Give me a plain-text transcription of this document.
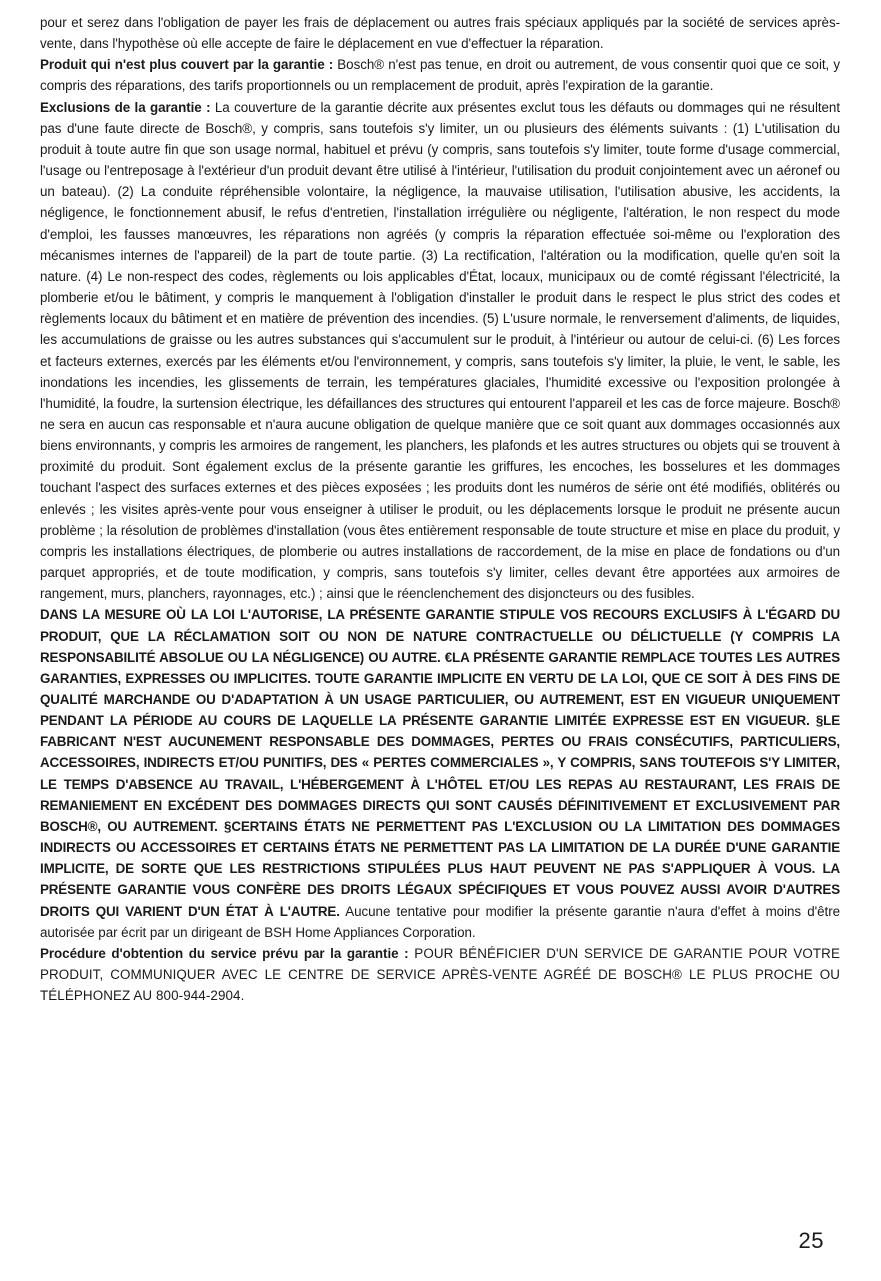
pour et serez dans l'obligation de payer les frais de déplacement ou autres frais spéciaux appliqués par la société de services après-vente, dans l'hypothèse où elle accepte de faire le déplacement en vue d'effectuer la réparation.

Produit qui n'est plus couvert par la garantie : Bosch® n'est pas tenue, en droit ou autrement, de vous consentir quoi que ce soit, y compris des réparations, des tarifs proportionnels ou un remplacement de produit, après l'expiration de la garantie.

Exclusions de la garantie : La couverture de la garantie décrite aux présentes exclut tous les défauts ou dommages qui ne résultent pas d'une faute directe de Bosch®, y compris, sans toutefois s'y limiter, un ou plusieurs des éléments suivants : (1) L'utilisation du produit à toute autre fin que son usage normal, habituel et prévu (y compris, sans toutefois s'y limiter, toute forme d'usage commercial, l'usage ou l'entreposage à l'extérieur d'un produit devant être utilisé à l'intérieur, l'utilisation du produit conjointement avec un aéronef ou un bateau). (2) La conduite répréhensible volontaire, la négligence, la mauvaise utilisation, l'utilisation abusive, les accidents, la négligence, le fonctionnement abusif, le refus d'entretien, l'installation irrégulière ou négligente, l'altération, le non respect du mode d'emploi, les fausses manœuvres, les réparations non agréés (y compris la réparation effectuée soi-même ou l'exploration des mécanismes internes de l'appareil) de la part de toute partie. (3) La rectification, l'altération ou la modification, quelle qu'en soit la nature. (4) Le non-respect des codes, règlements ou lois applicables d'État, locaux, municipaux ou de comté régissant l'électricité, la plomberie et/ou le bâtiment, y compris le manquement à l'obligation d'installer le produit dans le respect le plus strict des codes et règlements locaux du bâtiment et en matière de prévention des incendies. (5) L'usure normale, le renversement d'aliments, de liquides, les accumulations de graisse ou les autres substances qui s'accumulent sur le produit, à l'intérieur ou autour de celui-ci. (6) Les forces et facteurs externes, exercés par les éléments et/ou l'environnement, y compris, sans toutefois s'y limiter, la pluie, le vent, le sable, les inondations les incendies, les glissements de terrain, les températures glaciales, l'humidité excessive ou l'exposition prolongée à l'humidité, la foudre, la surtension électrique, les défaillances des structures qui entourent l'appareil et les cas de force majeure. Bosch® ne sera en aucun cas responsable et n'aura aucune obligation de quelque manière que ce soit quant aux dommages occasionnés aux biens environnants, y compris les armoires de rangement, les planchers, les plafonds et les autres structures ou objets qui se trouvent à proximité du produit. Sont également exclus de la présente garantie les griffures, les encoches, les bosselures et les dommages touchant l'aspect des surfaces externes et des pièces exposées ; les produits dont les numéros de série ont été modifiés, oblitérés ou enlevés ; les visites après-vente pour vous enseigner à utiliser le produit, ou les déplacements lorsque le produit ne présente aucun problème ; la résolution de problèmes d'installation (vous êtes entièrement responsable de toute structure et mise en place du produit, y compris les installations électriques, de plomberie ou autres installations de raccordement, de la mise en place de fondations ou d'un parquet appropriés, et de toute modification, y compris, sans toutefois s'y limiter, celles devant être apportées aux armoires de rangement, murs, planchers, rayonnages, etc.) ; ainsi que le réenclenchement des disjoncteurs ou des fusibles.

DANS LA MESURE OÙ LA LOI L'AUTORISE, LA PRÉSENTE GARANTIE STIPULE VOS RECOURS EXCLUSIFS À L'ÉGARD DU PRODUIT, QUE LA RÉCLAMATION SOIT OU NON DE NATURE CONTRACTUELLE OU DÉLICTUELLE (Y COMPRIS LA RESPONSABILITÉ ABSOLUE OU LA NÉGLIGENCE) OU AUTRE. €LA PRÉSENTE GARANTIE REMPLACE TOUTES LES AUTRES GARANTIES, EXPRESSES OU IMPLICITES. TOUTE GARANTIE IMPLICITE EN VERTU DE LA LOI, QUE CE SOIT À DES FINS DE QUALITÉ MARCHANDE OU D'ADAPTATION À UN USAGE PARTICULIER, OU AUTREMENT, EST EN VIGUEUR UNIQUEMENT PENDANT LA PÉRIODE AU COURS DE LAQUELLE LA PRÉSENTE GARANTIE LIMITÉE EXPRESSE EST EN VIGUEUR. §LE FABRICANT N'EST AUCUNEMENT RESPONSABLE DES DOMMAGES, PERTES OU FRAIS CONSÉCUTIFS, PARTICULIERS, ACCESSOIRES, INDIRECTS ET/OU PUNITIFS, DES « PERTES COMMERCIALES », Y COMPRIS, SANS TOUTEFOIS S'Y LIMITER, LE TEMPS D'ABSENCE AU TRAVAIL, L'HÉBERGEMENT À L'HÔTEL ET/OU LES REPAS AU RESTAURANT, LES FRAIS DE REMANIEMENT EN EXCÉDENT DES DOMMAGES DIRECTS QUI SONT CAUSÉS DÉFINITIVEMENT ET EXCLUSIVEMENT PAR BOSCH®, OU AUTREMENT. §CERTAINS ÉTATS NE PERMETTENT PAS L'EXCLUSION OU LA LIMITATION DES DOMMAGES INDIRECTS OU ACCESSOIRES ET CERTAINS ÉTATS NE PERMETTENT PAS LA LIMITATION DE LA DURÉE D'UNE GARANTIE IMPLICITE, DE SORTE QUE LES RESTRICTIONS STIPULÉES PLUS HAUT PEUVENT NE PAS S'APPLIQUER À VOUS. LA PRÉSENTE GARANTIE VOUS CONFÈRE DES DROITS LÉGAUX SPÉCIFIQUES ET VOUS POUVEZ AUSSI AVOIR D'AUTRES DROITS QUI VARIENT D'UN ÉTAT À L'AUTRE. Aucune tentative pour modifier la présente garantie n'aura d'effet à moins d'être autorisée par écrit par un dirigeant de BSH Home Appliances Corporation.

Procédure d'obtention du service prévu par la garantie : POUR BÉNÉFICIER D'UN SERVICE DE GARANTIE POUR VOTRE PRODUIT, COMMUNIQUER AVEC LE CENTRE DE SERVICE APRÈS-VENTE AGRÉÉ DE BOSCH® LE PLUS PROCHE OU TÉLÉPHONEZ AU 800-944-2904.

25
